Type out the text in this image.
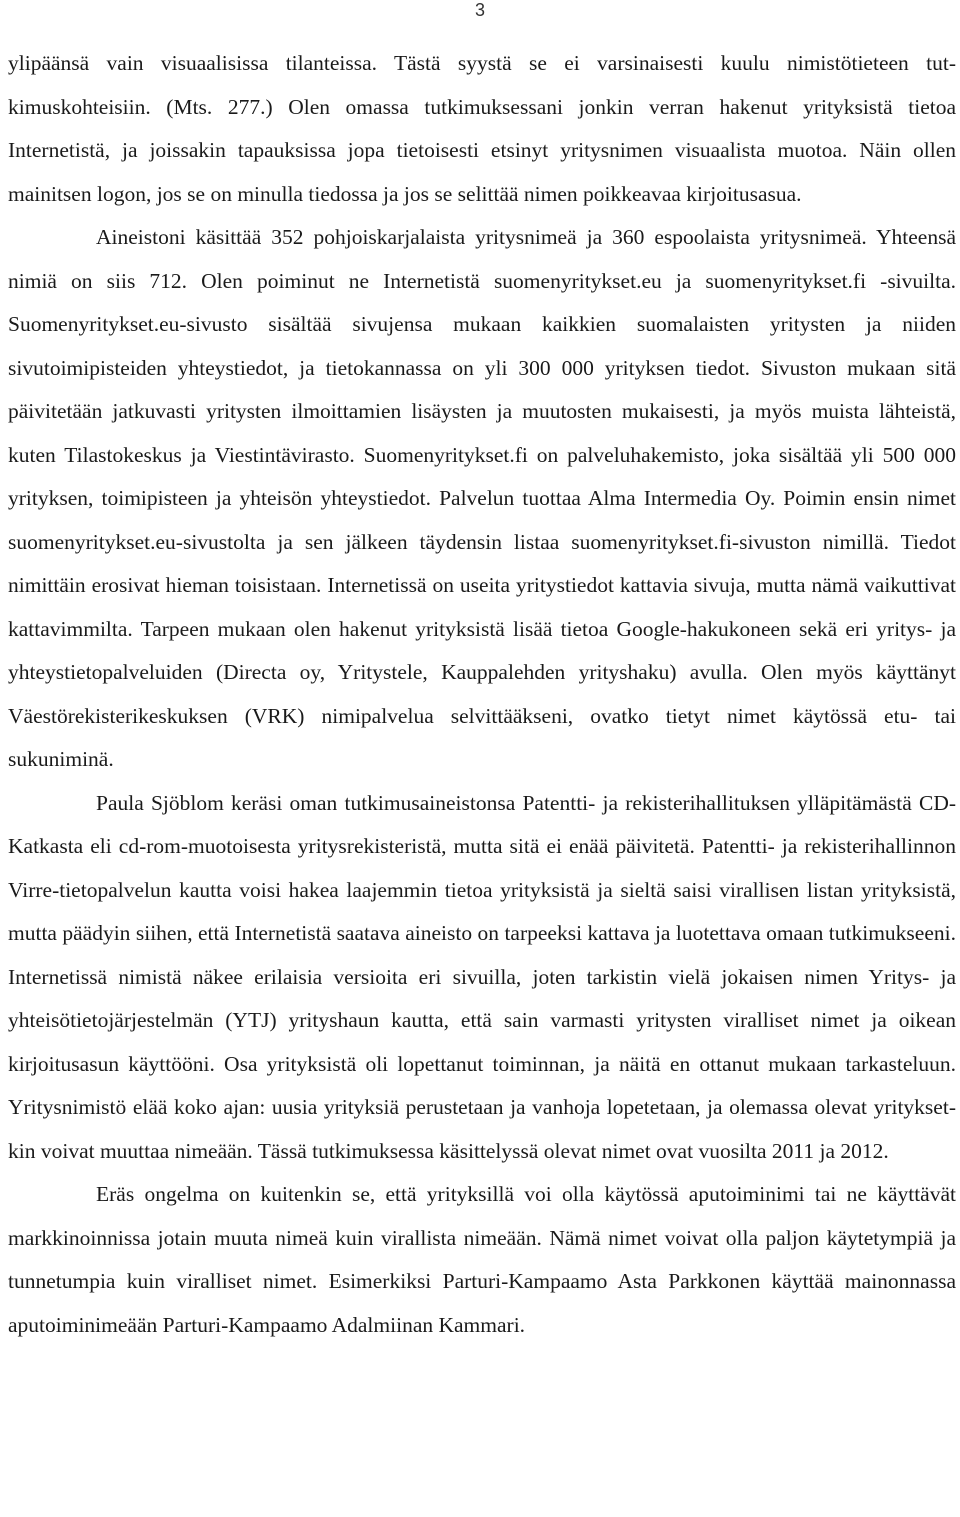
3

ylipäänsä vain visuaalisissa tilanteissa. Tästä syystä se ei varsinaisesti kuulu nimistötieteen tutkimuskohteisiin. (Mts. 277.) Olen omassa tutkimuksessani jonkin verran hakenut yrityksistä tietoa Internetistä, ja joissakin tapauksissa jopa tietoisesti etsinyt yritysnimen visuaalista muotoa. Näin ollen mainitsen logon, jos se on minulla tiedossa ja jos se selittää nimen poikkeavaa kirjoitusasua.

Aineistoni käsittää 352 pohjoiskarjalaista yritysnimeä ja 360 espoolaista yritysnimeä. Yhteensä nimiä on siis 712. Olen poiminut ne Internetistä suomenyritykset.eu ja suomenyritykset.fi -sivuilta. Suomenyritykset.eu-sivusto sisältää sivujensa mukaan kaikkien suomalaisten yritysten ja niiden sivutoimipisteiden yhteystiedot, ja tietokannassa on yli 300 000 yrityksen tiedot. Sivuston mukaan sitä päivitetään jatkuvasti yritysten ilmoittamien lisäysten ja muutosten mukaisesti, ja myös muista lähteistä, kuten Tilastokeskus ja Viestintävirasto. Suomenyritykset.fi on palveluhakemisto, joka sisältää yli 500 000 yrityksen, toimipisteen ja yhteisön yhteystiedot. Palvelun tuottaa Alma Intermedia Oy. Poimin ensin nimet suomenyritykset.eu-sivustolta ja sen jälkeen täydensin listaa suomenyritykset.fi-sivuston nimillä. Tiedot nimittäin erosivat hieman toisistaan. Internetissä on useita yritystiedot kattavia sivuja, mutta nämä vaikuttivat kattavimmilta. Tarpeen mukaan olen hakenut yrityksistä lisää tietoa Google-hakukoneen sekä eri yritys- ja yhteystietopalveluiden (Directa oy, Yritystele, Kauppalehden yrityshaku) avulla. Olen myös käyttänyt Väestörekisterikeskuksen (VRK) nimipalvelua selvittääkseni, ovatko tietyt nimet käytössä etu- tai sukuniminä.

Paula Sjöblom keräsi oman tutkimusaineistonsa Patentti- ja rekisterihallituksen ylläpitämästä CD-Katkasta eli cd-rom-muotoisesta yritysrekisteristä, mutta sitä ei enää päivitetä. Patentti- ja rekisterihallinnon Virre-tietopalvelun kautta voisi hakea laajemmin tietoa yrityksistä ja sieltä saisi virallisen listan yrityksistä, mutta päädyin siihen, että Internetistä saatava aineisto on tarpeeksi kattava ja luotettava omaan tutkimukseeni. Internetissä nimistä näkee erilaisia versioita eri sivuilla, joten tarkistin vielä jokaisen nimen Yritys- ja yhteisötietojärjestelmän (YTJ) yrityshaun kautta, että sain varmasti yritysten viralliset nimet ja oikean kirjoitusasun käyttööni. Osa yrityksistä oli lopettanut toiminnan, ja näitä en ottanut mukaan tarkasteluun. Yritysnimistö elää koko ajan: uusia yrityksiä perustetaan ja vanhoja lopetetaan, ja olemassa olevat yrityksetkin voivat muuttaa nimeään. Tässä tutkimuksessa käsittelyssä olevat nimet ovat vuosilta 2011 ja 2012.

Eräs ongelma on kuitenkin se, että yrityksillä voi olla käytössä aputoiminimi tai ne käyttävät markkinoinnissa jotain muuta nimeä kuin virallista nimeään. Nämä nimet voivat olla paljon käytetympiä ja tunnetumpia kuin viralliset nimet. Esimerkiksi Parturi-Kampaamo Asta Parkkonen käyttää mainonnassa aputoiminimeään Parturi-Kampaamo Adalmiinan Kammari.
